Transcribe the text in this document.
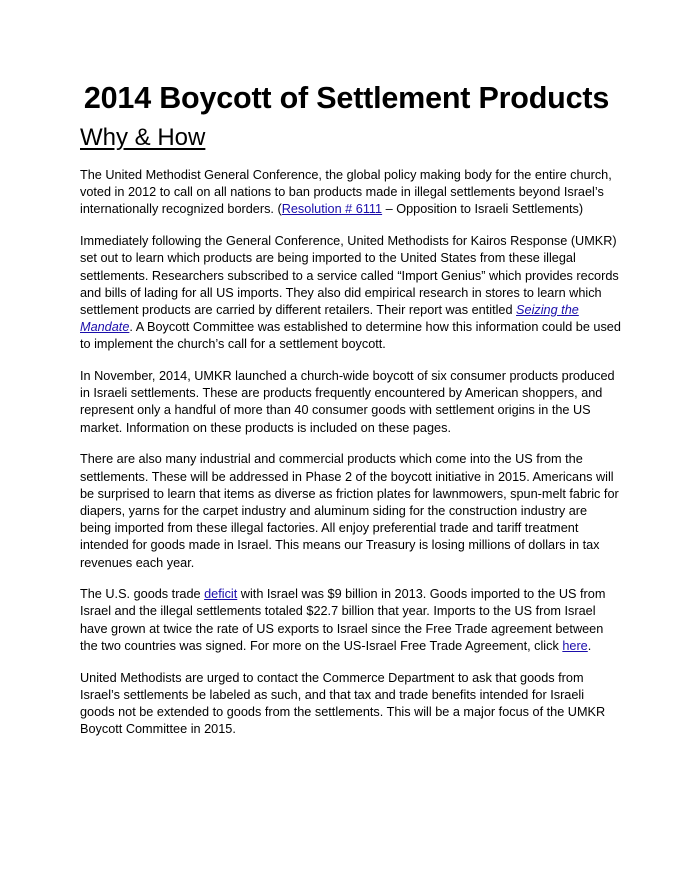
2014 Boycott of Settlement Products
Why & How

The United Methodist General Conference, the global policy making body for the entire church, voted in 2012 to call on all nations to ban products made in illegal settlements beyond Israel’s internationally recognized borders. (Resolution # 6111 – Opposition to Israeli Settlements)

Immediately following the General Conference, United Methodists for Kairos Response (UMKR) set out to learn which products are being imported to the United States from these illegal settlements. Researchers subscribed to a service called “Import Genius” which provides records and bills of lading for all US imports. They also did empirical research in stores to learn which settlement products are carried by different retailers. Their report was entitled Seizing the Mandate. A Boycott Committee was established to determine how this information could be used to implement the church’s call for a settlement boycott.

In November, 2014, UMKR launched a church-wide boycott of six consumer products produced in Israeli settlements. These are products frequently encountered by American shoppers, and represent only a handful of more than 40 consumer goods with settlement origins in the US market. Information on these products is included on these pages.

There are also many industrial and commercial products which come into the US from the settlements. These will be addressed in Phase 2 of the boycott initiative in 2015. Americans will be surprised to learn that items as diverse as friction plates for lawnmowers, spun-melt fabric for diapers, yarns for the carpet industry and aluminum siding for the construction industry are being imported from these illegal factories. All enjoy preferential trade and tariff treatment intended for goods made in Israel. This means our Treasury is losing millions of dollars in tax revenues each year.

The U.S. goods trade deficit with Israel was $9 billion in 2013. Goods imported to the US from Israel and the illegal settlements totaled $22.7 billion that year. Imports to the US from Israel have grown at twice the rate of US exports to Israel since the Free Trade agreement between the two countries was signed. For more on the US-Israel Free Trade Agreement, click here.

United Methodists are urged to contact the Commerce Department to ask that goods from Israel’s settlements be labeled as such, and that tax and trade benefits intended for Israeli goods not be extended to goods from the settlements. This will be a major focus of the UMKR Boycott Committee in 2015.
